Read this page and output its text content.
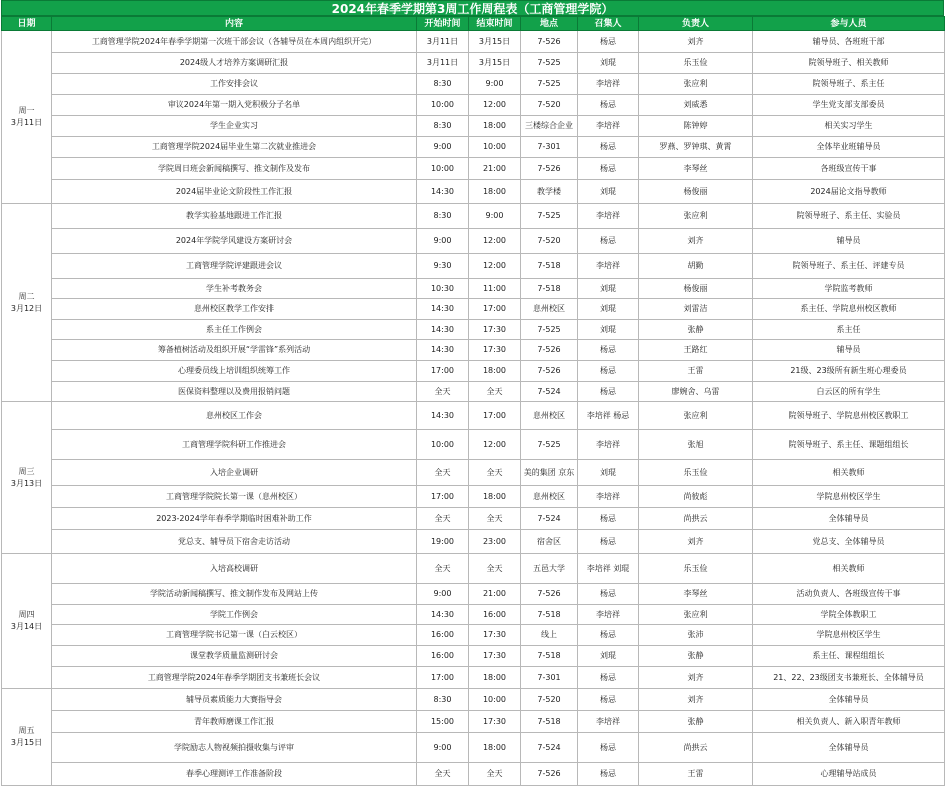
2024年春季学期第3周工作周程表（工商管理学院）
日期	内容	开始时间	结束时间	地点	召集人	负责人	参与人员

周一
3月11日	工商管理学院2024年春季学期第一次班干部会议（各辅导员在本周内组织开完）	3月11日	3月15日	7-526	杨忌	刘齐	辅导员、各班班干部
	2024级人才培养方案调研汇报	3月11日	3月15日	7-525	刘琨	乐玉俭	院领导班子、相关教师
	工作安排会议	8:30	9:00	7-525	李培祥	张应利	院领导班子、系主任
	审议2024年第一期入党积极分子名单	10:00	12:00	7-520	杨忌	刘威悉	学生党支部支部委员
	学生企业实习	8:30	18:00	三楼综合企业	李培祥	陈钟婷	相关实习学生
	工商管理学院2024届毕业生第二次就业推进会	9:00	10:00	7-301	杨忌	罗燕、罗钟琪、黄霄	全体毕业班辅导员
	学院周日班会新闻稿撰写、推文制作及发布	10:00	21:00	7-526	杨忌	李琴丝	各班级宣传干事
	2024届毕业论文阶段性工作汇报	14:30	18:00	教学楼	刘琨	杨俊丽	2024届论文指导教师

周二
3月12日	教学实验基地跟进工作汇报	8:30	9:00	7-525	李培祥	张应利	院领导班子、系主任、实验员
	2024年学院学风建设方案研讨会	9:00	12:00	7-520	杨忌	刘齐	辅导员
	工商管理学院评建跟进会议	9:30	12:00	7-518	李培祥	胡勤	院领导班子、系主任、评建专员
	学生补考教务会	10:30	11:00	7-518	刘琨	杨俊丽	学院监考教师
	息州校区教学工作安排	14:30	17:00	息州校区	刘琨	刘雷洁	系主任、学院息州校区教师
	系主任工作例会	14:30	17:30	7-525	刘琨	张静	系主任
	筹备植树活动及组织开展“学雷锋”系列活动	14:30	17:30	7-526	杨忌	王路红	辅导员
	心理委员线上培训组织统筹工作	17:00	18:00	7-526	杨忌	王雷	21级、23级所有新生班心理委员
	医保资料整理以及费用报销问题	全天	全天	7-524	杨忌	廖婉舍、乌雷	白云区的所有学生

周三
3月13日	息州校区工作会	14:30	17:00	息州校区	李培祥 杨忌	张应利	院领导班子、学院息州校区教职工
	工商管理学院科研工作推进会	10:00	12:00	7-525	李培祥	张旭	院领导班子、系主任、课题组组长
	入培企业调研	全天	全天	美的集团 京东	刘琨	乐玉俭	相关教师
	工商管理学院院长第一课（息州校区）	17:00	18:00	息州校区	李培祥	尚彼彪	学院息州校区学生
	2023-2024学年春季学期临时困难补助工作	全天	全天	7-524	杨忌	尚拱云	全体辅导员
	党总支、辅导员下宿舍走访活动	19:00	23:00	宿舍区	杨忌	刘齐	党总支、全体辅导员

周四
3月14日	入培高校调研	全天	全天	五邑大学	李培祥 刘琨	乐玉俭	相关教师
	学院活动新闻稿撰写、推文制作发布及网站上传	9:00	21:00	7-526	杨忌	李琴丝	活动负责人、各班级宣传干事
	学院工作例会	14:30	16:00	7-518	李培祥	张应利	学院全体教职工
	工商管理学院书记第一课（白云校区）	16:00	17:30	线上	杨忌	张沛	学院息州校区学生
	课堂教学质量监测研讨会	16:00	17:30	7-518	刘琨	张静	系主任、课程组组长
	工商管理学院2024年春季学期团支书兼班长会议	17:00	18:00	7-301	杨忌	刘齐	21、22、23级团支书兼班长、全体辅导员

周五
3月15日	辅导员素质能力大赛指导会	8:30	10:00	7-520	杨忌	刘齐	全体辅导员
	青年教师磨课工作汇报	15:00	17:30	7-518	李培祥	张静	相关负责人、新入职青年教师
	学院励志人物视频拍摄收集与评审	9:00	18:00	7-524	杨忌	尚拱云	全体辅导员
	春季心理测评工作准备阶段	全天	全天	7-526	杨忌	王雷	心理辅导站成员
